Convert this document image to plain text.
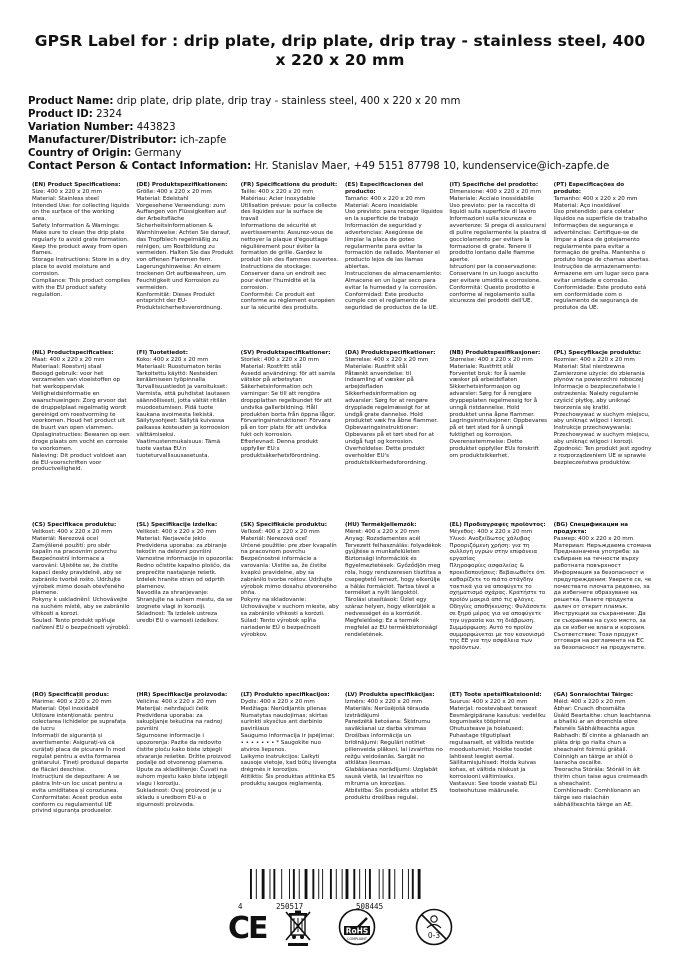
GPSR Label for : drip plate, drip plate, drip tray - stainless steel, 400 x 220 x 20 mm
Product Name: drip plate, drip plate, drip tray - stainless steel, 400 x 220 x 20 mm
Product ID: 2324
Variation Number: 443823
Manufacturer/Distributor: ich-zapfe
Country of Origin: Germany
Contact Person & Contact Information: Hr. Stanislav Maer, +49 5151 87798 10, kundenservice@ich-zapfe.de
(EN) Product Specifications:

Size: 400 x 220 x 20 mm
Material: Stainless steel
Intended Use: for collecting liquids on the surface of the working area.
Safety Information & Warnings: Make sure to clean the drip plate regularly to avoid grate formation. Keep the product away from open flames.
Storage Instructions: Store in a dry place to avoid moisture and corrosion.
Compliance: This product complies with the EU product safety regulation.

(DE) Produktspezifikationen:

Größe: 400 x 220 x 20 mm
Material: Edelstahl
Vorgesehene Verwendung: zum Auffangen von Flüssigkeiten auf der Arbeitsfläche
Sicherheitsinformationen & Warnhinweise: Achten Sie darauf, das Tropfblech regelmäßig zu reinigen, um Rostbildung zu vermeiden. Halten Sie das Produkt von offenen Flammen fern.
Lagerungshinweise: An einem trockenen Ort aufbewahren, um Feuchtigkeit und Korrosion zu vermeiden.
Konformität: Dieses Produkt entspricht der EU-Produktsicherheitsverordnung.

(FR) Spécifications du produit:

Taille: 400 x 220 x 20 mm
Matériau: Acier inoxydable
Utilisation prévue: pour la collecte des liquides sur la surface de travail
Informations de sécurité et avertissements: Assurez-vous de nettoyer la plaque d'égouttage régulièrement pour éviter la formation de grille. Gardez le produit loin des flammes ouvertes.
Instructions de stockage: Conserver dans un endroit sec pour éviter l'humidité et la corrosion.
Conformité: Ce produit est conforme au règlement européen sur la sécurité des produits.

(ES) Especificaciones del producto:

Tamaño: 400 x 220 x 20 mm
Material: Acero inoxidable
Uso previsto: para recoger líquidos en la superficie de trabajo
Información de seguridad y advertencias: Asegúrese de limpiar la placa de goteo regularmente para evitar la formación de rallado. Mantener el producto lejos de las llamas abiertas.
Instrucciones de almacenamiento: Almacene en un lugar seco para evitar la humedad y la corrosión.
Conformidad: Este producto cumple con el reglamento de seguridad de productos de la UE.

(IT) Specifiche del prodotto:

Dimensione: 400 x 220 x 20 mm
Materiale: Acciaio inossidabile
Uso previsto: per la raccolta di liquidi sulla superficie di lavoro
Informazioni sulla sicurezza e avvertenze: Si prega di assicurarsi di pulire regolarmente la piastra di gocciolamento per evitare la formazione di grate. Tenere il prodotto lontano dalle fiamme aperte.
Istruzioni per la conservazione: Conservare in un luogo asciutto per evitare umidità e corrosione.
Conformità: Questo prodotto è conforme al regolamento sulla sicurezza dei prodotti dell'UE.

(PT) Especificações do produto:

Tamanho: 400 x 220 x 20 mm
Material: Aço inoxidável
Uso pretendido: para coletar líquidos na superfície de trabalho
Informações de segurança e advertências: Certifique-se de limpar a placa de gotejamento regularmente para evitar a formação de grelha. Mantenha o produto longe de chamas abertas.
Instruções de armazenamento: Armazene em um lugar seco para evitar umidade e corrosão.
Conformidade: Este produto está em conformidade com o regulamento de segurança de produtos da UE.

(NL) Productspecificaties:

Maat: 400 x 220 x 20 mm
Materiaal: Roestvrij staal
Beoogd gebruik: voor het verzamelen van vloeistoffen op het werkoppervlak
Veiligheidsinformatie en waarschuwingen: Zorg ervoor dat de druppelplaat regelmatig wordt gereinigd om roestvorming te voorkomen. Houd het product uit de buurt van open vlammen.
Opslaginstructies: Bewaren op een droge plaats om vocht en corrosie te voorkomen.
Naleving: Dit product voldoet aan de EU-voorschriften voor productveiligheid.

(FI) Tuotetiedot:

Koko: 400 x 220 x 20 mm
Materiaali: Ruostumaton teräs
Tarkoitettu käyttö: Nesteiden keräämiseen työpinnalla
Turvallisuustiedot ja varoitukset: Varmista, että puhdistat lautasen säännöllisesti, jotta vältät ritilän muodostumisen. Pidä tuote kaukana avoimesta liekistä.
Säilytysohjeet: Säilytä kuivassa paikassa kosteuden ja korroosion välttämiseksi.
Vaatimustenmukaisuus: Tämä tuote vastaa EU:n tuoteturvallisuusasetusta.

(SV) Produktspecifikationer:

Storlek: 400 x 220 x 20 mm
Material: Rostfritt stål
Avsedd användning: för att samla vätskor på arbetsytan
Säkerhetsinformation och varningar: Se till att rengöra droppplattan regelbundet för att undvika gallerbildning. Håll produkten borta från öppna lågor.
Förvaringsinstruktioner: Förvara på en torr plats för att undvika fukt och korrosion.
Efterlevnad: Denna produkt uppfyller EU:s produktsäkerhetsförordning.

(DA) Produktspecifikationer:

Størrelse: 400 x 220 x 20 mm
Materiale: Rustfrit stål
Påtænkt anvendelse: til indsamling af væsker på arbejdsfladen
Sikkerhedsinformation og advarsler: Sørg for at rengøre drypplade regelmæssigt for at undgå grate dannelse. Hold produktet væk fra åbne flammer.
Opbevaringsinstruktioner: Opbevares på et tørt sted for at undgå fugt og korrosion.
Overholdelse: Dette produkt overholder EU's produktsikkerhedsforordning.

(NB) Produktspesifikasjoner:

Størrelse: 400 x 220 x 20 mm
Materiale: Rustfritt stål
Forventet bruk: for å samle væsker på arbeidsflaten
Sikkerhetsinformasjon og advarsler: Sørg for å rengjøre dryppeplaten regelmessig for å unngå ristdannelse. Hold produktet unna åpne flammer.
Lagringsinstruksjoner: Oppbevares på et tørt sted for å unngå fuktighet og korrosjon.
Overensstemmelse: Dette produktet oppfyller EUs forskrift om produktsikkerhet.

(PL) Specyfikacje produktu:

Rozmiar: 400 x 220 x 20 mm
Materiał: Stal nierdzewna
Zamierzone użycie: do zbierania płynów na powierzchni roboczej
Informacje o bezpieczeństwie i ostrzeżenia: Należy regularnie czyścić płytkę, aby uniknąć tworzenia się kratki. Przechowywać w suchym miejscu, aby uniknąć wilgoci i korozji.
Instrukcje przechowywania: Przechowywać w suchym miejscu, aby uniknąć wilgoci i korozji.
Zgodność: Ten produkt jest zgodny z rozporządzeniem UE w sprawie bezpieczeństwa produktów.

(CS) Specifikace produktu:

Velikost: 400 x 220 x 20 mm
Materiál: Nerezová ocel
Zamýšlené použití: pro sběr kapalin na pracovním povrchu
Bezpečnostní informace a varování: Ujistěte se, že čistíte kapací desky pravidelně, aby se zabránilo tvorbě rošto. Udržujte výrobek mimo dosah otevřeného plamene.
Pokyny k uskladnění: Uchovávejte na suchém místě, aby se zabránilo vlhkosti a korozi.
Soulad: Tento produkt splňuje nařízení EU o bezpečnosti výrobků.

(SL) Specifikacije izdelka:

Velikost: 400 x 220 x 20 mm
Material: Nerjaveče jeklo
Predvidena uporaba: za zbiranje tekočin na delovni površini
Varnostne informacije in opozorila: Redno očistite kapalno ploščo, da preprečite nastajanje rešetk. Izdelek hranite stran od odprtih plamenov.
Navodila za shranjevanje: Shranjujte na suhem mestu, da se izognete vlagi in koroziji.
Skladnost: Ta izdelek ustreza uredbi EU o varnosti izdelkov.

(SK) Špecifikácie produktu:

Veľkosť: 400 x 220 x 20 mm
Materiál: Nerezová oceľ
Určené použitie: pre zber kvapalín na pracovnom povrchu
Bezpečnostné informácie a varovania: Uistite sa, že čistíte kvapkú pravidelne, aby sa zabránilo tvorbe roštov. Udržujte výrobok mimo dosahu otvoreného ohňa.
Pokyny na skladovanie: Uchovávajte v suchom mieste, aby sa zabránilo vlhkosti a korózii.
Súlad: Tento výrobok spĺňa nariadenie EÚ o bezpečnosti výrobkov.

(HU) Termékjellemzők:

Méret: 400 x 220 x 20 mm
Anyag: Rozsdamentes acél
Tervezett felhasználás: folyadékok gyűjtése a munkafelületen
Biztonsági információk és figyelmeztetések: Győződjön meg róla, hogy rendszeresen tisztítsa a csepegtető lemezt, hogy elkerülje a hálás formációt. Tartsa távol a terméket a nyílt lángoktól.
Tárolási utasítások: Üzlet egy száraz helyen, hogy elkerüljék a nedvességet és a korróziót.
Megfelelőség: Ez a termék megfelel az EU termékbiztonsági rendeletének.

(EL) Προδιαγραφές προϊόντος:

Μέγεθος: 400 x 220 x 20 mm
Υλικό: Ανοξείδωτος χάλυβας
Προοριζόμενη χρήση: για τη συλλογή υγρών στην επιφάνεια εργασίας
Πληροφορίες ασφαλείας & προειδοποιήσεις: Βεβαιωθείτε ότι καθαρίζετε το πιάτο στάγδην τακτικά για να αποφύγετε το σχηματισμό σχάρας. Κρατήστε το προϊόν μακριά από τις φλόγες.
Οδηγίες αποθήκευσης: Φυλάσσετε σε ξηρό μέρος για να αποφύγετε την υγρασία και τη διάβρωση.
Συμμόρφωση: Αυτό το προϊόν συμμορφώνεται με τον κανονισμό της ΕΕ για την ασφάλεια των προϊόντων.

(BG) Спецификации на продукта:

Размер: 400 x 220 x 20 mm
Материал: Неръждаема стомана
Предназначена употреба: за събиране на течности върху работната повърхност
Информация за безопасност и предупреждения: Уверете се, че почиствате плочата редовно, за да избегнете образуване на решетка. Пазете продукта далеч от открит пламък.
Инструкции за съхранение: Да се съхранява на сухо място, за да се избегне влага и корозия.
Съответствие: Този продукт отговаря на регламента на ЕС за безопасност на продуктите.

(RO) Specificații produs:

Mărime: 400 x 220 x 20 mm
Material: Oțel inoxidabil
Utilizare intenționată: pentru colectarea lichidelor pe suprafața de lucru
Informații de siguranță și avertismente: Asigurați-vă că curățați placa de picurare în mod regulat pentru a evita formarea grătarului. Țineți produsul departe de flăcări deschise.
Instrucțiuni de depozitare: A se păstra într-un loc uscat pentru a evita umiditatea și coroziunea.
Conformitate: Acest produs este conform cu regulamentul UE privind siguranța produselor.

(HR) Specifikacije proizvoda:

Veličina: 400 x 220 x 20 mm
Materijal: nehrđajući čelik
Predviđena uporaba: za sakupljanje tekućina na radnoj površini
Sigurnosne informacije i upozorenja: Pazite da redovito čistite ploču kako biste izbjegli stvaranje rešetke. Držite proizvod podalje od otvorenog plamena.
Upute za skladištenje: Čuvati na suhom mjestu kako biste izbjegli vlagu i koroziju.
Sukladnost: Ovaj proizvod je u skladu s uredbom EU-a o sigurnosti proizvoda.

(LT) Produkto specifikacijos:

Dydis: 400 x 220 x 20 mm
Medžiaga: Nerūdijantis plienas
Numatytas naudojimas: skirtas surinkti skysčius ant darbinio paviršiaus
Saugumo informacija ir įspėjimai: • • • • • • • * Saugokite nuo atviros liepsnos.
Laikymo instrukcijos: Laikyti sausoje vietoje, kad būtų išvengta drėgmės ir korozijos.
Atitiktis: Šis produktas atitinka ES produktų saugos reglamentą.

(LV) Produkta specifikācijas:

Izmērs: 400 x 220 x 20 mm
Materiāls: Nerūsējošā tērauda izstrādājumi
Paredzētā lietošana: Šķidrumu savākšanai uz darba virsmas
Drošības informācija un brīdinājumi: Regulāri notīriet pilienveida plāksni, lai izvairītos no režģu veidošanās. Sargāt no atklātas liesmas.
Glabāšanas norādījumi: Uzglabāt sausā vietā, lai izvairītos no mitruma un korozijas.
Atbilstība: Šis produkts atbilst ES produktu drošības regulai.

(ET) Toote spetsifikatsioonid:

Suurus: 400 x 220 x 20 mm
Materjal: roostevabast terasest
Eesmärgipärane kasutus: vedeliku kogumiseks tööpinnal
Ohutusteave ja hoiatused: Puhastage tilgutiplaat regulaarselt, et vältida restide moodustumist. Hoidke toodet lahtisest leegist eemal.
Säilitamisjuhised: Hoida kuivas kohas, et vältida niiskust ja korrosiooni vältimiseks.
Vastavus: See toode vastab ELi tooteohutuse määrusele.

(GA) Sonraíochtaí Táirge:

Méid: 400 x 220 x 20 mm
Ábhar: Cruach dhosmálta
Úsáid Beartaithe: chun leachtanna a bhailiú ar an dromchla oibre
Faisnéis Sábháilteachta agus Rabhadh: Bí cinnte a ghlanadh an pláta drip go rialta chun a sheachaint foirmiú grátáil. Coinnigh an táirge ar shiúl ó lasracha oscailte.
Treoracha Stórála: Stóráil in áit thirim chun taise agus creimeadh a sheachaint.
Comhlíonadh: Comhlíonann an táirge seo rialachán sábháilteachta táirge an AE.

4	250517	508445
CE	RoHS
COMPLIANT	0-3
